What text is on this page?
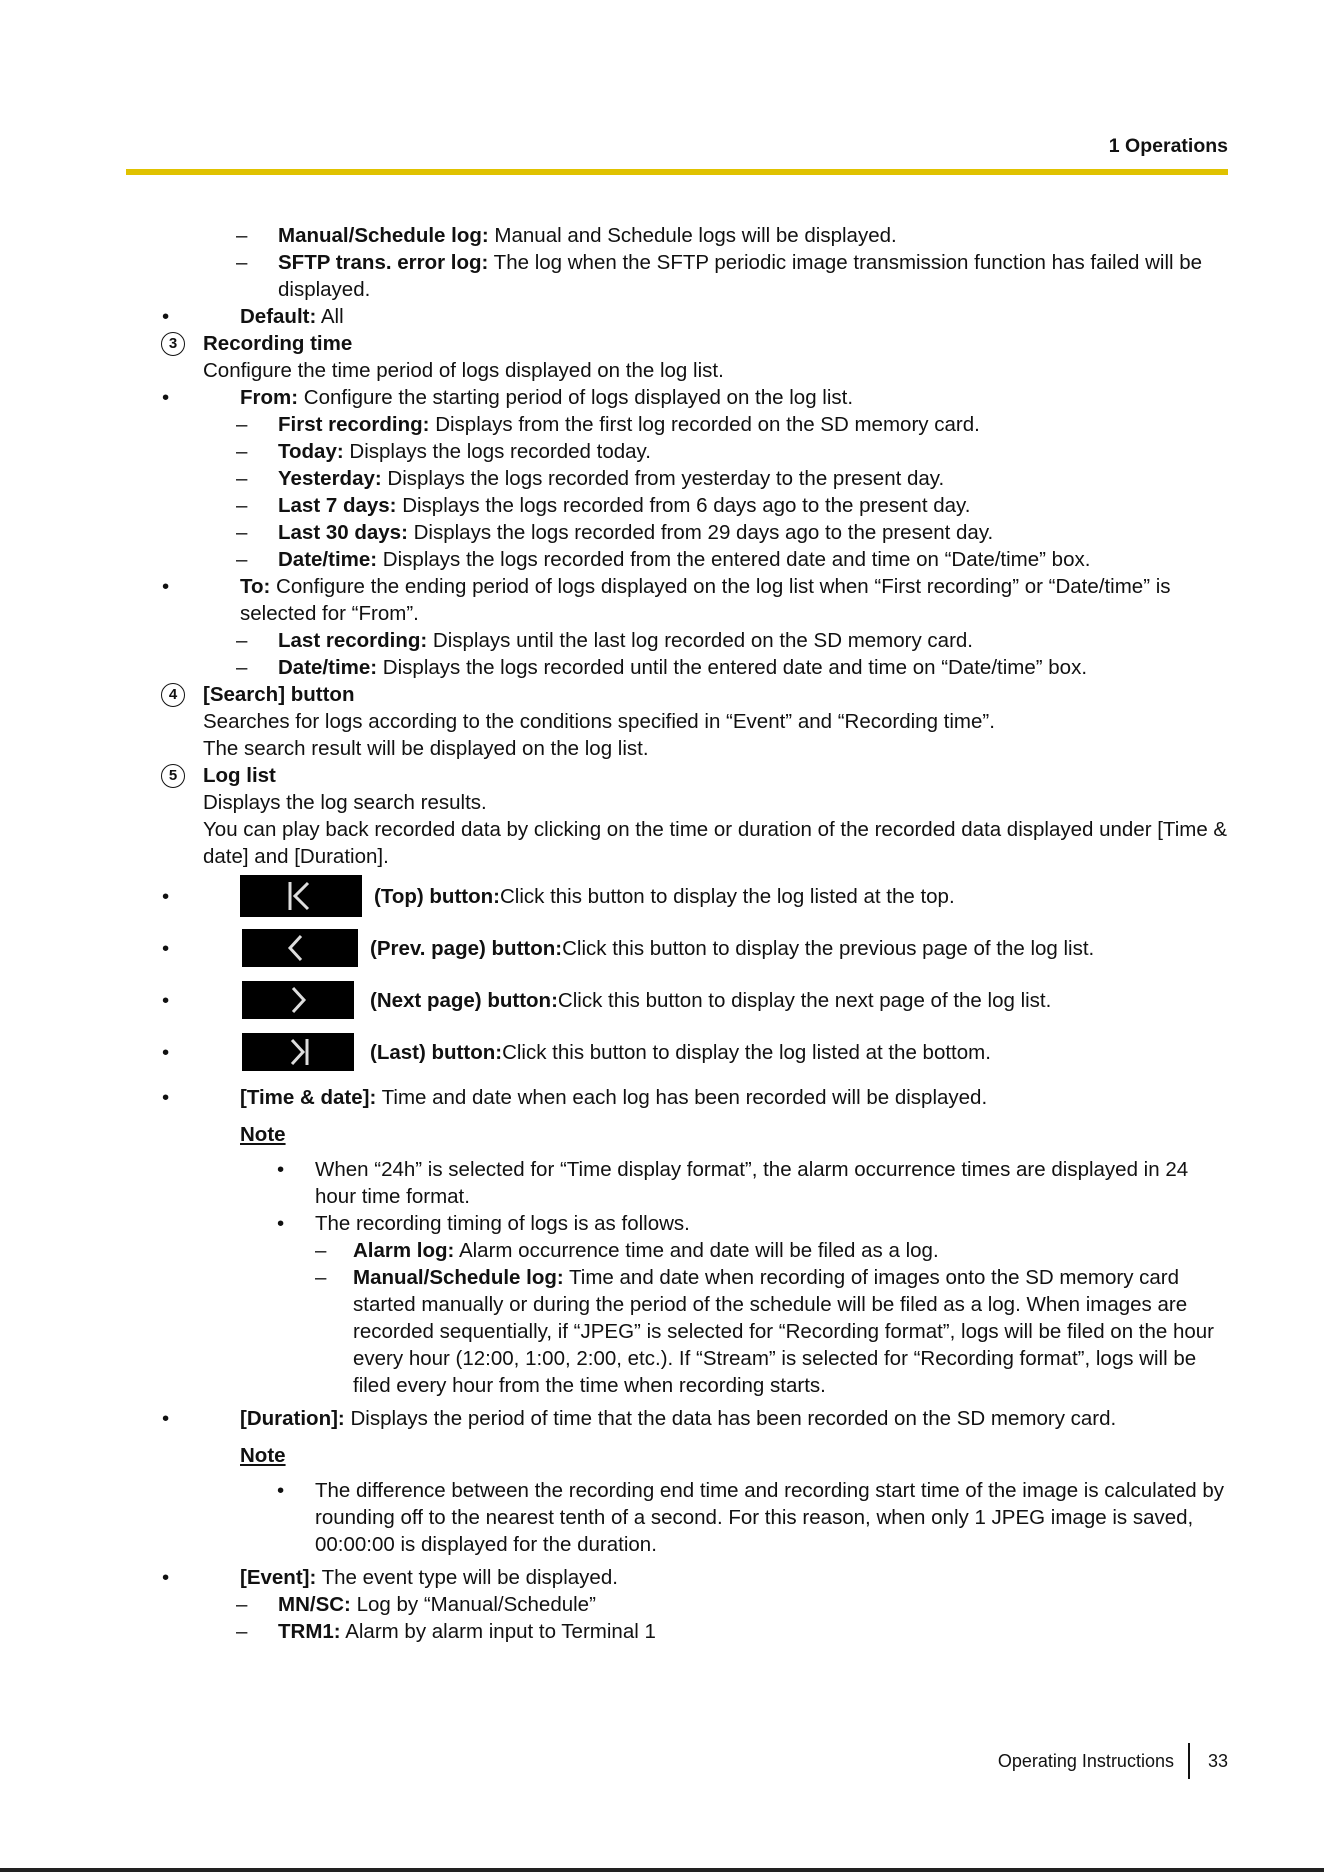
1 Operations
– Manual/Schedule log: Manual and Schedule logs will be displayed.
– SFTP trans. error log: The log when the SFTP periodic image transmission function has failed will be displayed.
•	Default: All
3	Recording time
Configure the time period of logs displayed on the log list.
•	From: Configure the starting period of logs displayed on the log list.
– First recording: Displays from the first log recorded on the SD memory card.
– Today: Displays the logs recorded today.
– Yesterday: Displays the logs recorded from yesterday to the present day.
– Last 7 days: Displays the logs recorded from 6 days ago to the present day.
– Last 30 days: Displays the logs recorded from 29 days ago to the present day.
– Date/time: Displays the logs recorded from the entered date and time on “Date/time” box.
•	To: Configure the ending period of logs displayed on the log list when “First recording” or “Date/time” is selected for “From”.
– Last recording: Displays until the last log recorded on the SD memory card.
– Date/time: Displays the logs recorded until the entered date and time on “Date/time” box.
4	[Search] button
Searches for logs according to the conditions specified in “Event” and “Recording time”.
The search result will be displayed on the log list.
5	Log list
Displays the log search results.
You can play back recorded data by clicking on the time or duration of the recorded data displayed under [Time & date] and [Duration].
•	(Top) button: Click this button to display the log listed at the top.
•	(Prev. page) button: Click this button to display the previous page of the log list.
•	(Next page) button: Click this button to display the next page of the log list.
•	(Last) button: Click this button to display the log listed at the bottom.
•	[Time & date]: Time and date when each log has been recorded will be displayed.
Note
• When “24h” is selected for “Time display format”, the alarm occurrence times are displayed in 24 hour time format.
• The recording timing of logs is as follows.
– Alarm log: Alarm occurrence time and date will be filed as a log.
– Manual/Schedule log: Time and date when recording of images onto the SD memory card started manually or during the period of the schedule will be filed as a log. When images are recorded sequentially, if “JPEG” is selected for “Recording format”, logs will be filed on the hour every hour (12:00, 1:00, 2:00, etc.). If “Stream” is selected for “Recording format”, logs will be filed every hour from the time when recording starts.
•	[Duration]: Displays the period of time that the data has been recorded on the SD memory card.
Note
• The difference between the recording end time and recording start time of the image is calculated by rounding off to the nearest tenth of a second. For this reason, when only 1 JPEG image is saved, 00:00:00 is displayed for the duration.
•	[Event]: The event type will be displayed.
– MN/SC: Log by “Manual/Schedule”
– TRM1: Alarm by alarm input to Terminal 1
Operating Instructions 33
